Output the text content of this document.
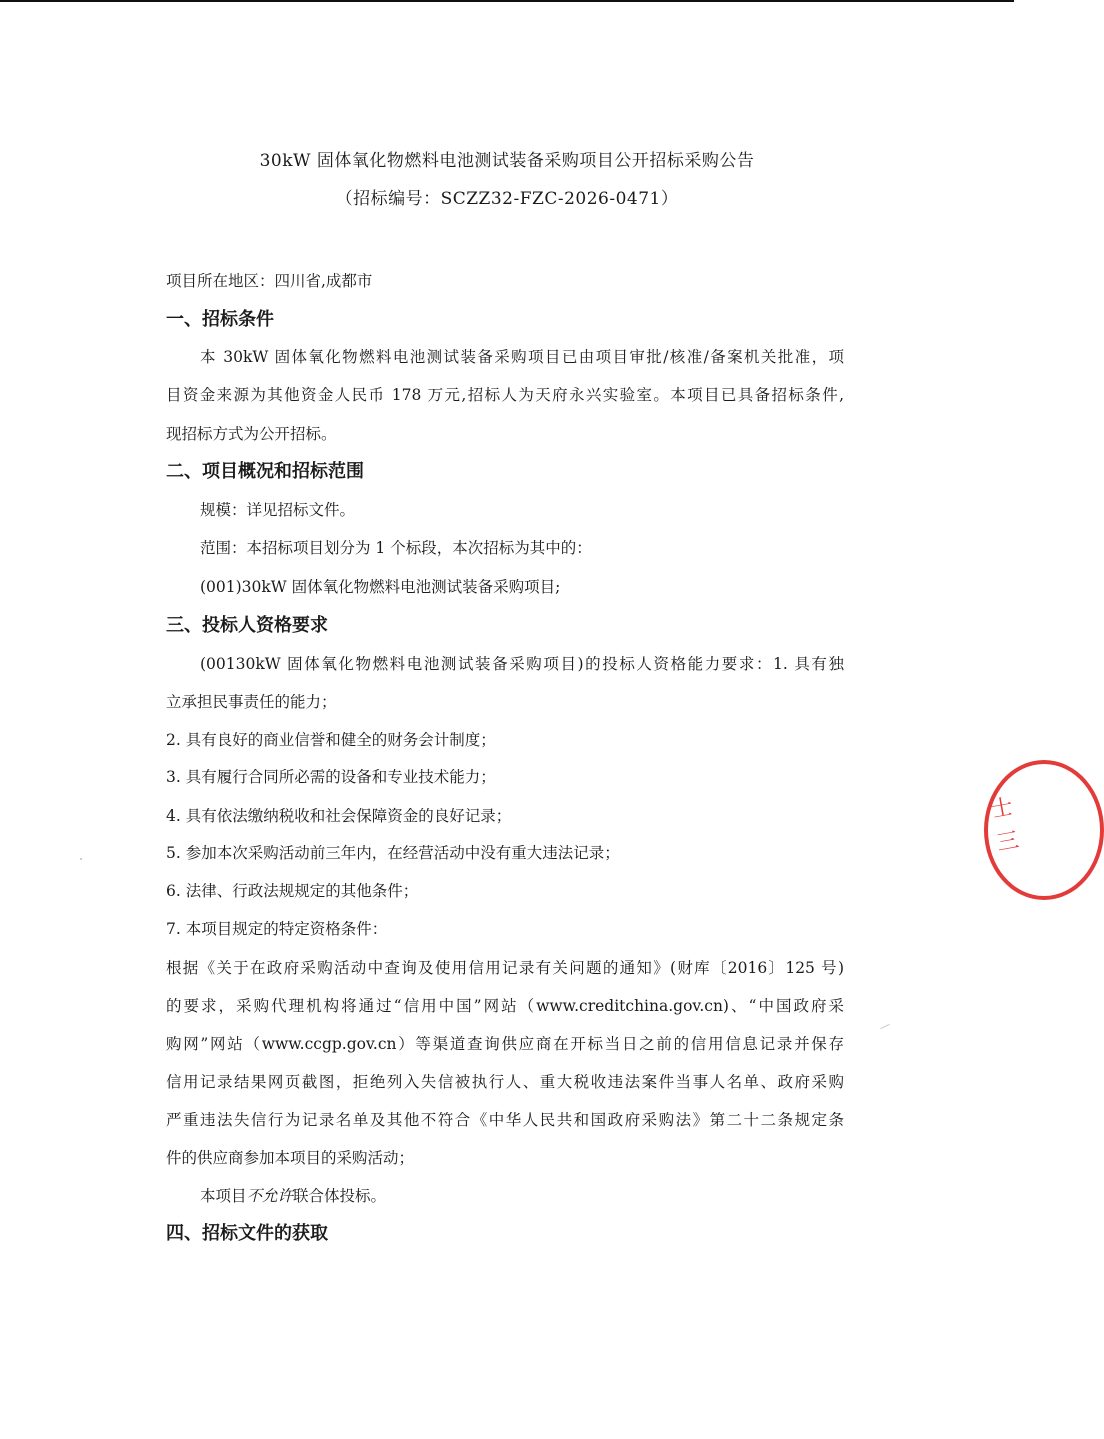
30kW 固体氧化物燃料电池测试装备采购项目公开招标采购公告
（招标编号：SCZZ32-FZC-2026-0471）
项目所在地区：四川省,成都市
一、招标条件
本 30kW 固体氧化物燃料电池测试装备采购项目已由项目审批/核准/备案机关批准，项
目资金来源为其他资金人民币 178 万元,招标人为天府永兴实验室。本项目已具备招标条件,
现招标方式为公开招标。
二、项目概况和招标范围
规模：详见招标文件。
范围：本招标项目划分为 1 个标段，本次招标为其中的：
(001)30kW 固体氧化物燃料电池测试装备采购项目;
三、投标人资格要求
(00130kW 固体氧化物燃料电池测试装备采购项目)的投标人资格能力要求：1. 具有独
立承担民事责任的能力；
2. 具有良好的商业信誉和健全的财务会计制度；
3. 具有履行合同所必需的设备和专业技术能力；
4. 具有依法缴纳税收和社会保障资金的良好记录；
5. 参加本次采购活动前三年内，在经营活动中没有重大违法记录；
6. 法律、行政法规规定的其他条件；
7. 本项目规定的特定资格条件：
根据《关于在政府采购活动中查询及使用信用记录有关问题的通知》(财库〔2016〕125 号)
的要求，采购代理机构将通过“信用中国”网站（www.creditchina.gov.cn)、“中国政府采
购网”网站（www.ccgp.gov.cn）等渠道查询供应商在开标当日之前的信用信息记录并保存
信用记录结果网页截图，拒绝列入失信被执行人、重大税收违法案件当事人名单、政府采购
严重违法失信行为记录名单及其他不符合《中华人民共和国政府采购法》第二十二条规定条
件的供应商参加本项目的采购活动；
本项目不允许联合体投标。
四、招标文件的获取
士
三
